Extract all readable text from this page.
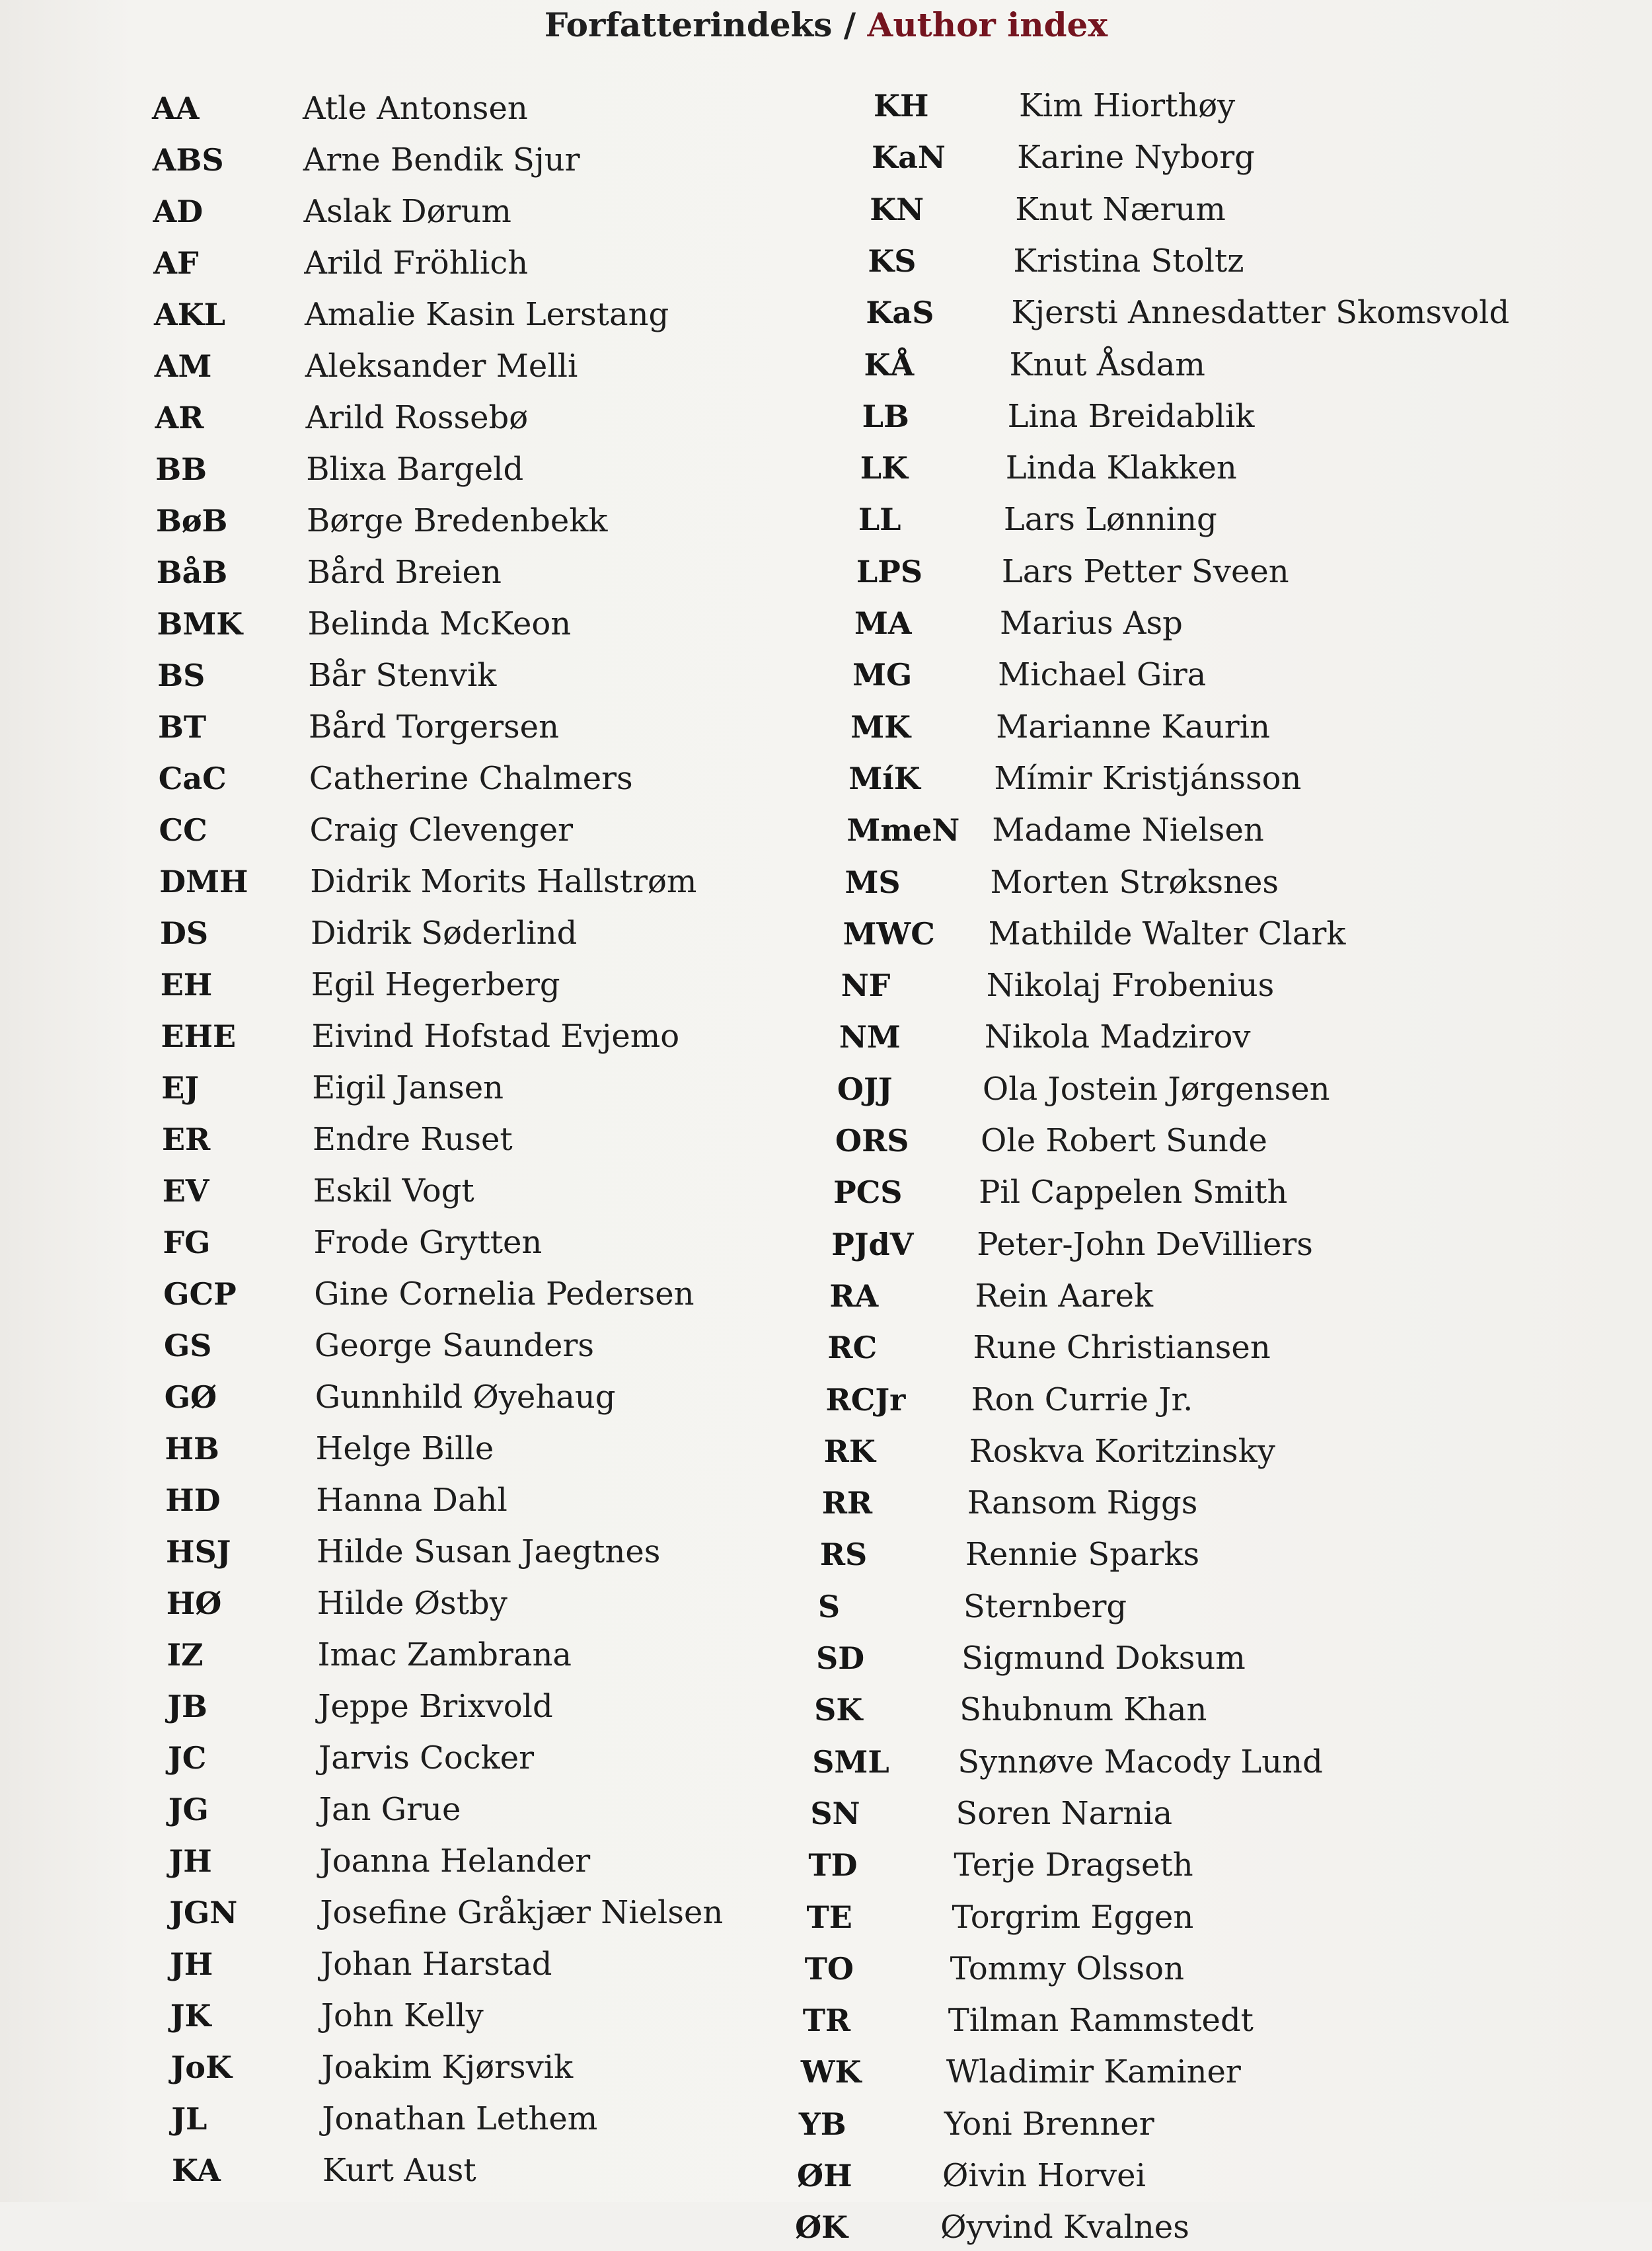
Forfatterindeks / Author index
AA	Atle Antonsen
ABS	Arne Bendik Sjur
AD	Aslak Dørum
AF	Arild Fröhlich
AKL Amalie Kasin Lerstang
AM	Aleksander Melli
AR	Arild Rossebø
BB	Blixa Bargeld
BøB Børge Bredenbekk
BåB	Bård Breien
BMK Belinda McKeon
BS	Bår Stenvik
BT	Bård Torgersen
CaC	Catherine Chalmers
CC	Craig Clevenger
DMH Didrik Morits Hallstrøm
DS	Didrik Søderlind
EH	Egil Hegerberg
EHE Eivind Hofstad Evjemo
EJ	Eigil Jansen
ER	Endre Ruset
EV	Eskil Vogt
FG	Frode Grytten
GCP Gine Cornelia Pedersen
GS	George Saunders
GØ	Gunnhild Øyehaug
HB	Helge Bille
HD	Hanna Dahl
HSJ	Hilde Susan Jaegtnes
HØ	Hilde Østby
IZ	Imac Zambrana
JB	Jeppe Brixvold
JC	Jarvis Cocker
JG	Jan Grue
JH	Joanna Helander
JGN	Josefine Gråkjær Nielsen
JH	Johan Harstad
JK	John Kelly
JoK	Joakim Kjørsvik
JL	Jonathan Lethem
KA	Kurt Aust
KH	Kim Hiorthøy
KaN Karine Nyborg
KN	Knut Nærum
KS	Kristina Stoltz
KaS Kjersti Annesdatter Skomsvold
KÅ	Knut Åsdam
LB	Lina Breidablik
LK	Linda Klakken
LL	Lars Lønning
LPS Lars Petter Sveen
MA	Marius Asp
MG	Michael Gira
MK	Marianne Kaurin
MíK Mímir Kristjánsson
MmeN Madame Nielsen
MS	Morten Strøksnes
MWC Mathilde Walter Clark
NF	Nikolaj Frobenius
NM	Nikola Madzirov
OJJ	Ola Jostein Jørgensen
ORS Ole Robert Sunde
PCS Pil Cappelen Smith
PJdV Peter-John DeVilliers
RA	Rein Aarek
RC	Rune Christiansen
RCJr Ron Currie Jr.
RK	Roskva Koritzinsky
RR	Ransom Riggs
RS	Rennie Sparks
S	Sternberg
SD	Sigmund Doksum
SK	Shubnum Khan
SML Synnøve Macody Lund
SN	Soren Narnia
TD	Terje Dragseth
TE	Torgrim Eggen
TO	Tommy Olsson
TR	Tilman Rammstedt
WK	Wladimir Kaminer
YB	Yoni Brenner
ØH	Øivin Horvei
ØK	Øyvind Kvalnes
